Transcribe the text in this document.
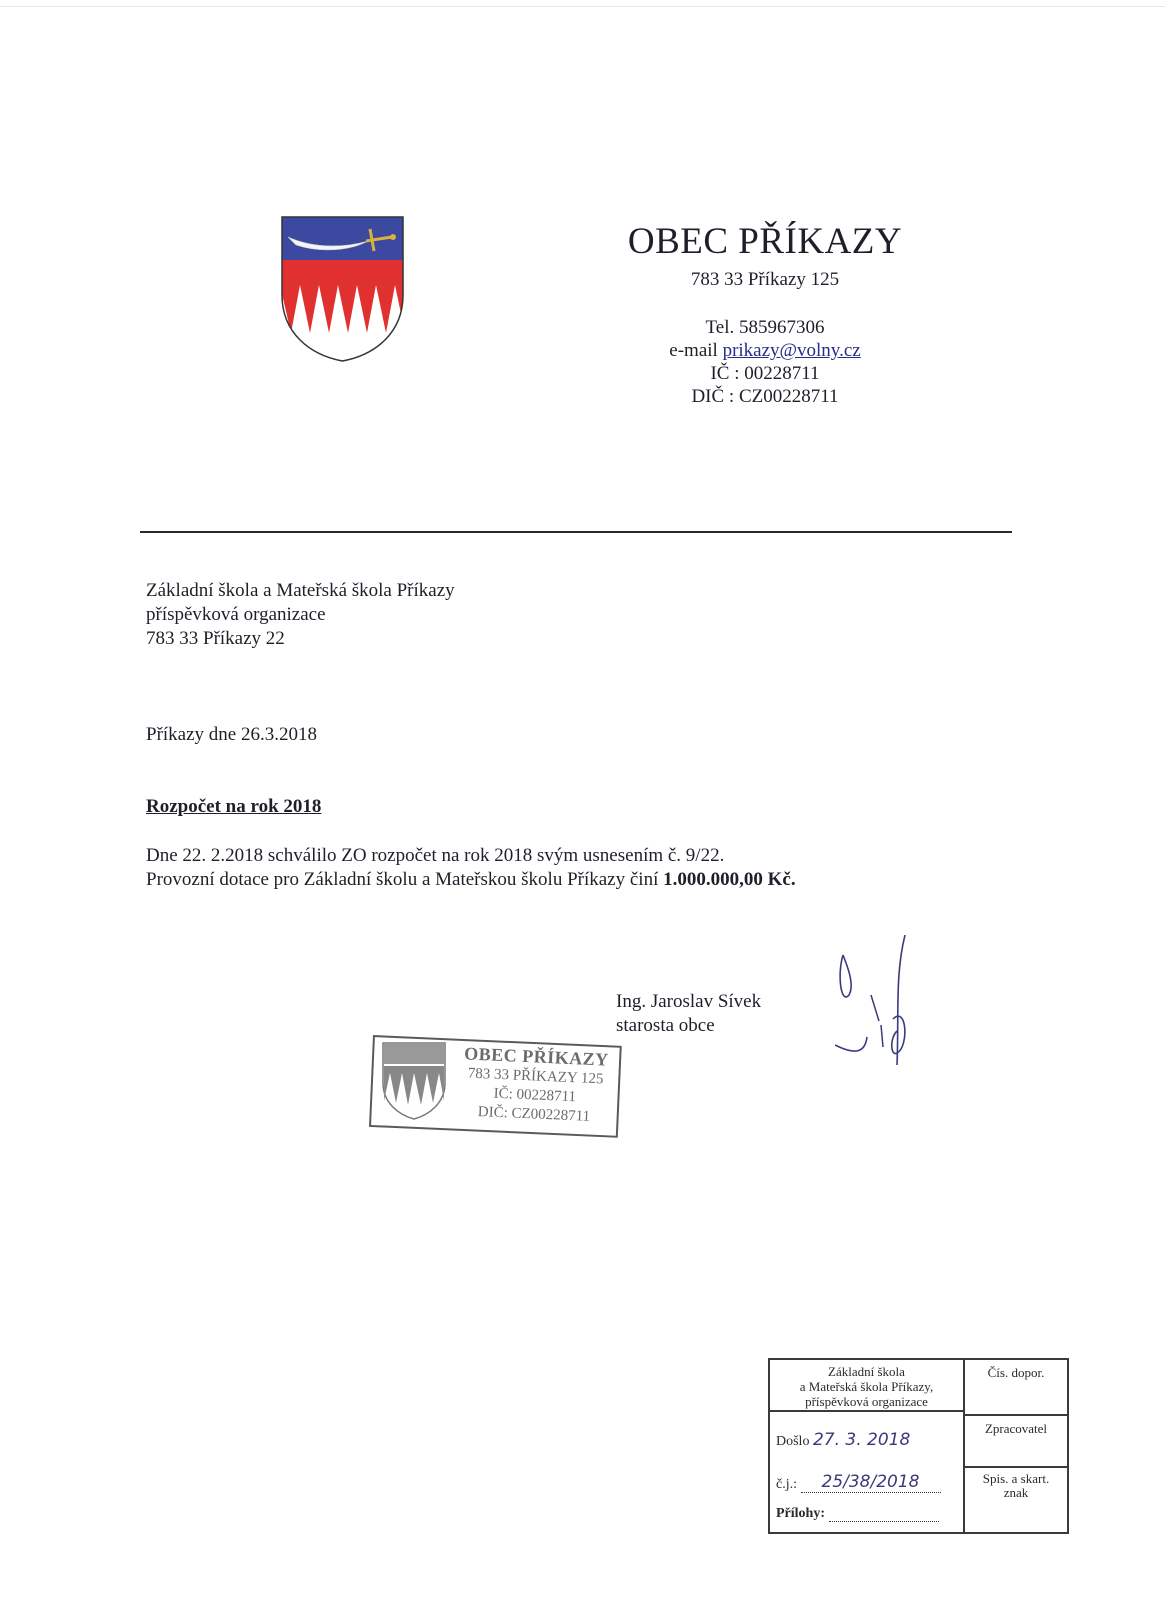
OBEC PŘÍKAZY
783 33 Příkazy 125
Tel. 585967306
e-mail prikazy@volny.cz
IČ : 00228711
DIČ : CZ00228711
Základní škola a Mateřská škola Příkazy
příspěvková organizace
783 33 Příkazy 22
Příkazy dne 26.3.2018
Rozpočet na rok 2018
Dne 22. 2.2018 schválilo ZO rozpočet na rok 2018 svým usnesením č. 9/22.
Provozní dotace pro Základní školu a Mateřskou školu Příkazy činí 1.000.000,00 Kč.
Ing. Jaroslav Sívek
starosta obce
OBEC PŘÍKAZY
783 33 PŘÍKAZY 125
IČ: 00228711
DIČ: CZ00228711
Základní škola
a Mateřská škola Příkazy,
příspěvková organizace
Došlo 27. 3. 2018
č.j.: 25/38/2018
Přílohy:
Čís. dopor.
Zpracovatel
Spis. a skart.
znak
